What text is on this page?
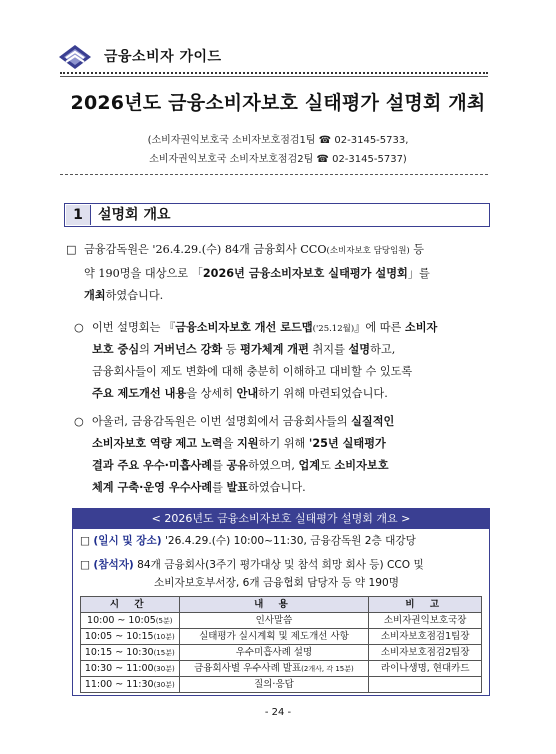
금융소비자 가이드
2026년도 금융소비자보호 실태평가 설명회 개최
(소비자권익보호국 소비자보호점검1팀 ☎ 02-3145-5733,
소비자권익보호국 소비자보호점검2팀 ☎ 02-3145-5737)
1	설명회 개요
□ 금융감독원은 '26.4.29.(수) 84개 금융회사 CCO(소비자보호 담당임원) 등
약 190명을 대상으로 「2026년 금융소비자보호 실태평가 설명회」를
개최하였습니다.
○ 이번 설명회는 『금융소비자보호 개선 로드맵('25.12월)』에 따른 소비자
보호 중심의 거버넌스 강화 등 평가체계 개편 취지를 설명하고,
금융회사들이 제도 변화에 대해 충분히 이해하고 대비할 수 있도록
주요 제도개선 내용을 상세히 안내하기 위해 마련되었습니다.
○ 아울러, 금융감독원은 이번 설명회에서 금융회사들의 실질적인
소비자보호 역량 제고 노력을 지원하기 위해 '25년 실태평가
결과 주요 우수·미흡사례를 공유하였으며, 업계도 소비자보호
체계 구축·운영 우수사례를 발표하였습니다.
< 2026년도 금융소비자보호 실태평가 설명회 개요 >
□ (일시 및 장소) '26.4.29.(수) 10:00~11:30, 금융감독원 2층 대강당
□ (참석자) 84개 금융회사(3주기 평가대상 및 참석 희망 회사 등) CCO 및
소비자보호부서장, 6개 금융협회 담당자 등 약 190명
시 간	내 용	비 고
10:00 ~ 10:05(5분)	인사말씀	소비자권익보호국장
10:05 ~ 10:15(10분)	실태평가 실시계획 및 제도개선 사항	소비자보호점검1팀장
10:15 ~ 10:30(15분)	우수미흡사례 설명	소비자보호점검2팀장
10:30 ~ 11:00(30분)	금융회사별 우수사례 발표(2개사, 각 15분)	라이나생명, 현대카드
11:00 ~ 11:30(30분)	질의·응답	
- 24 -
